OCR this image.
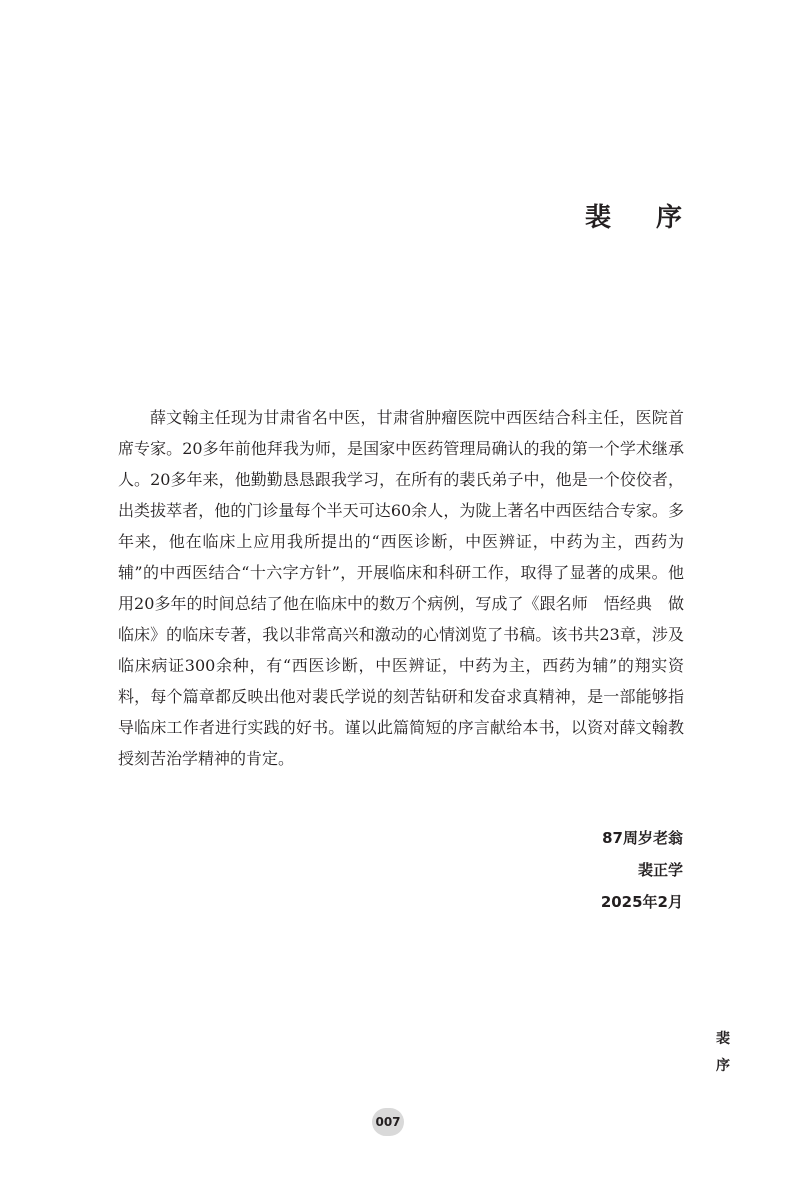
裴 序

薛文翰主任现为甘肃省名中医，甘肃省肿瘤医院中西医结合科主任，医院首席专家。20多年前他拜我为师，是国家中医药管理局确认的我的第一个学术继承人。20多年来，他勤勤恳恳跟我学习，在所有的裴氏弟子中，他是一个佼佼者，出类拔萃者，他的门诊量每个半天可达60余人，为陇上著名中西医结合专家。多年来，他在临床上应用我所提出的“西医诊断，中医辨证，中药为主，西药为辅”的中西医结合“十六字方针”，开展临床和科研工作，取得了显著的成果。他用20多年的时间总结了他在临床中的数万个病例，写成了《跟名师　悟经典　做临床》的临床专著，我以非常高兴和激动的心情浏览了书稿。该书共23章，涉及临床病证300余种，有“西医诊断，中医辨证，中药为主，西药为辅”的翔实资料，每个篇章都反映出他对裴氏学说的刻苦钻研和发奋求真精神，是一部能够指导临床工作者进行实践的好书。谨以此篇简短的序言献给本书，以资对薛文翰教授刻苦治学精神的肯定。

87周岁老翁
裴正学
2025年2月
裴
序
007
